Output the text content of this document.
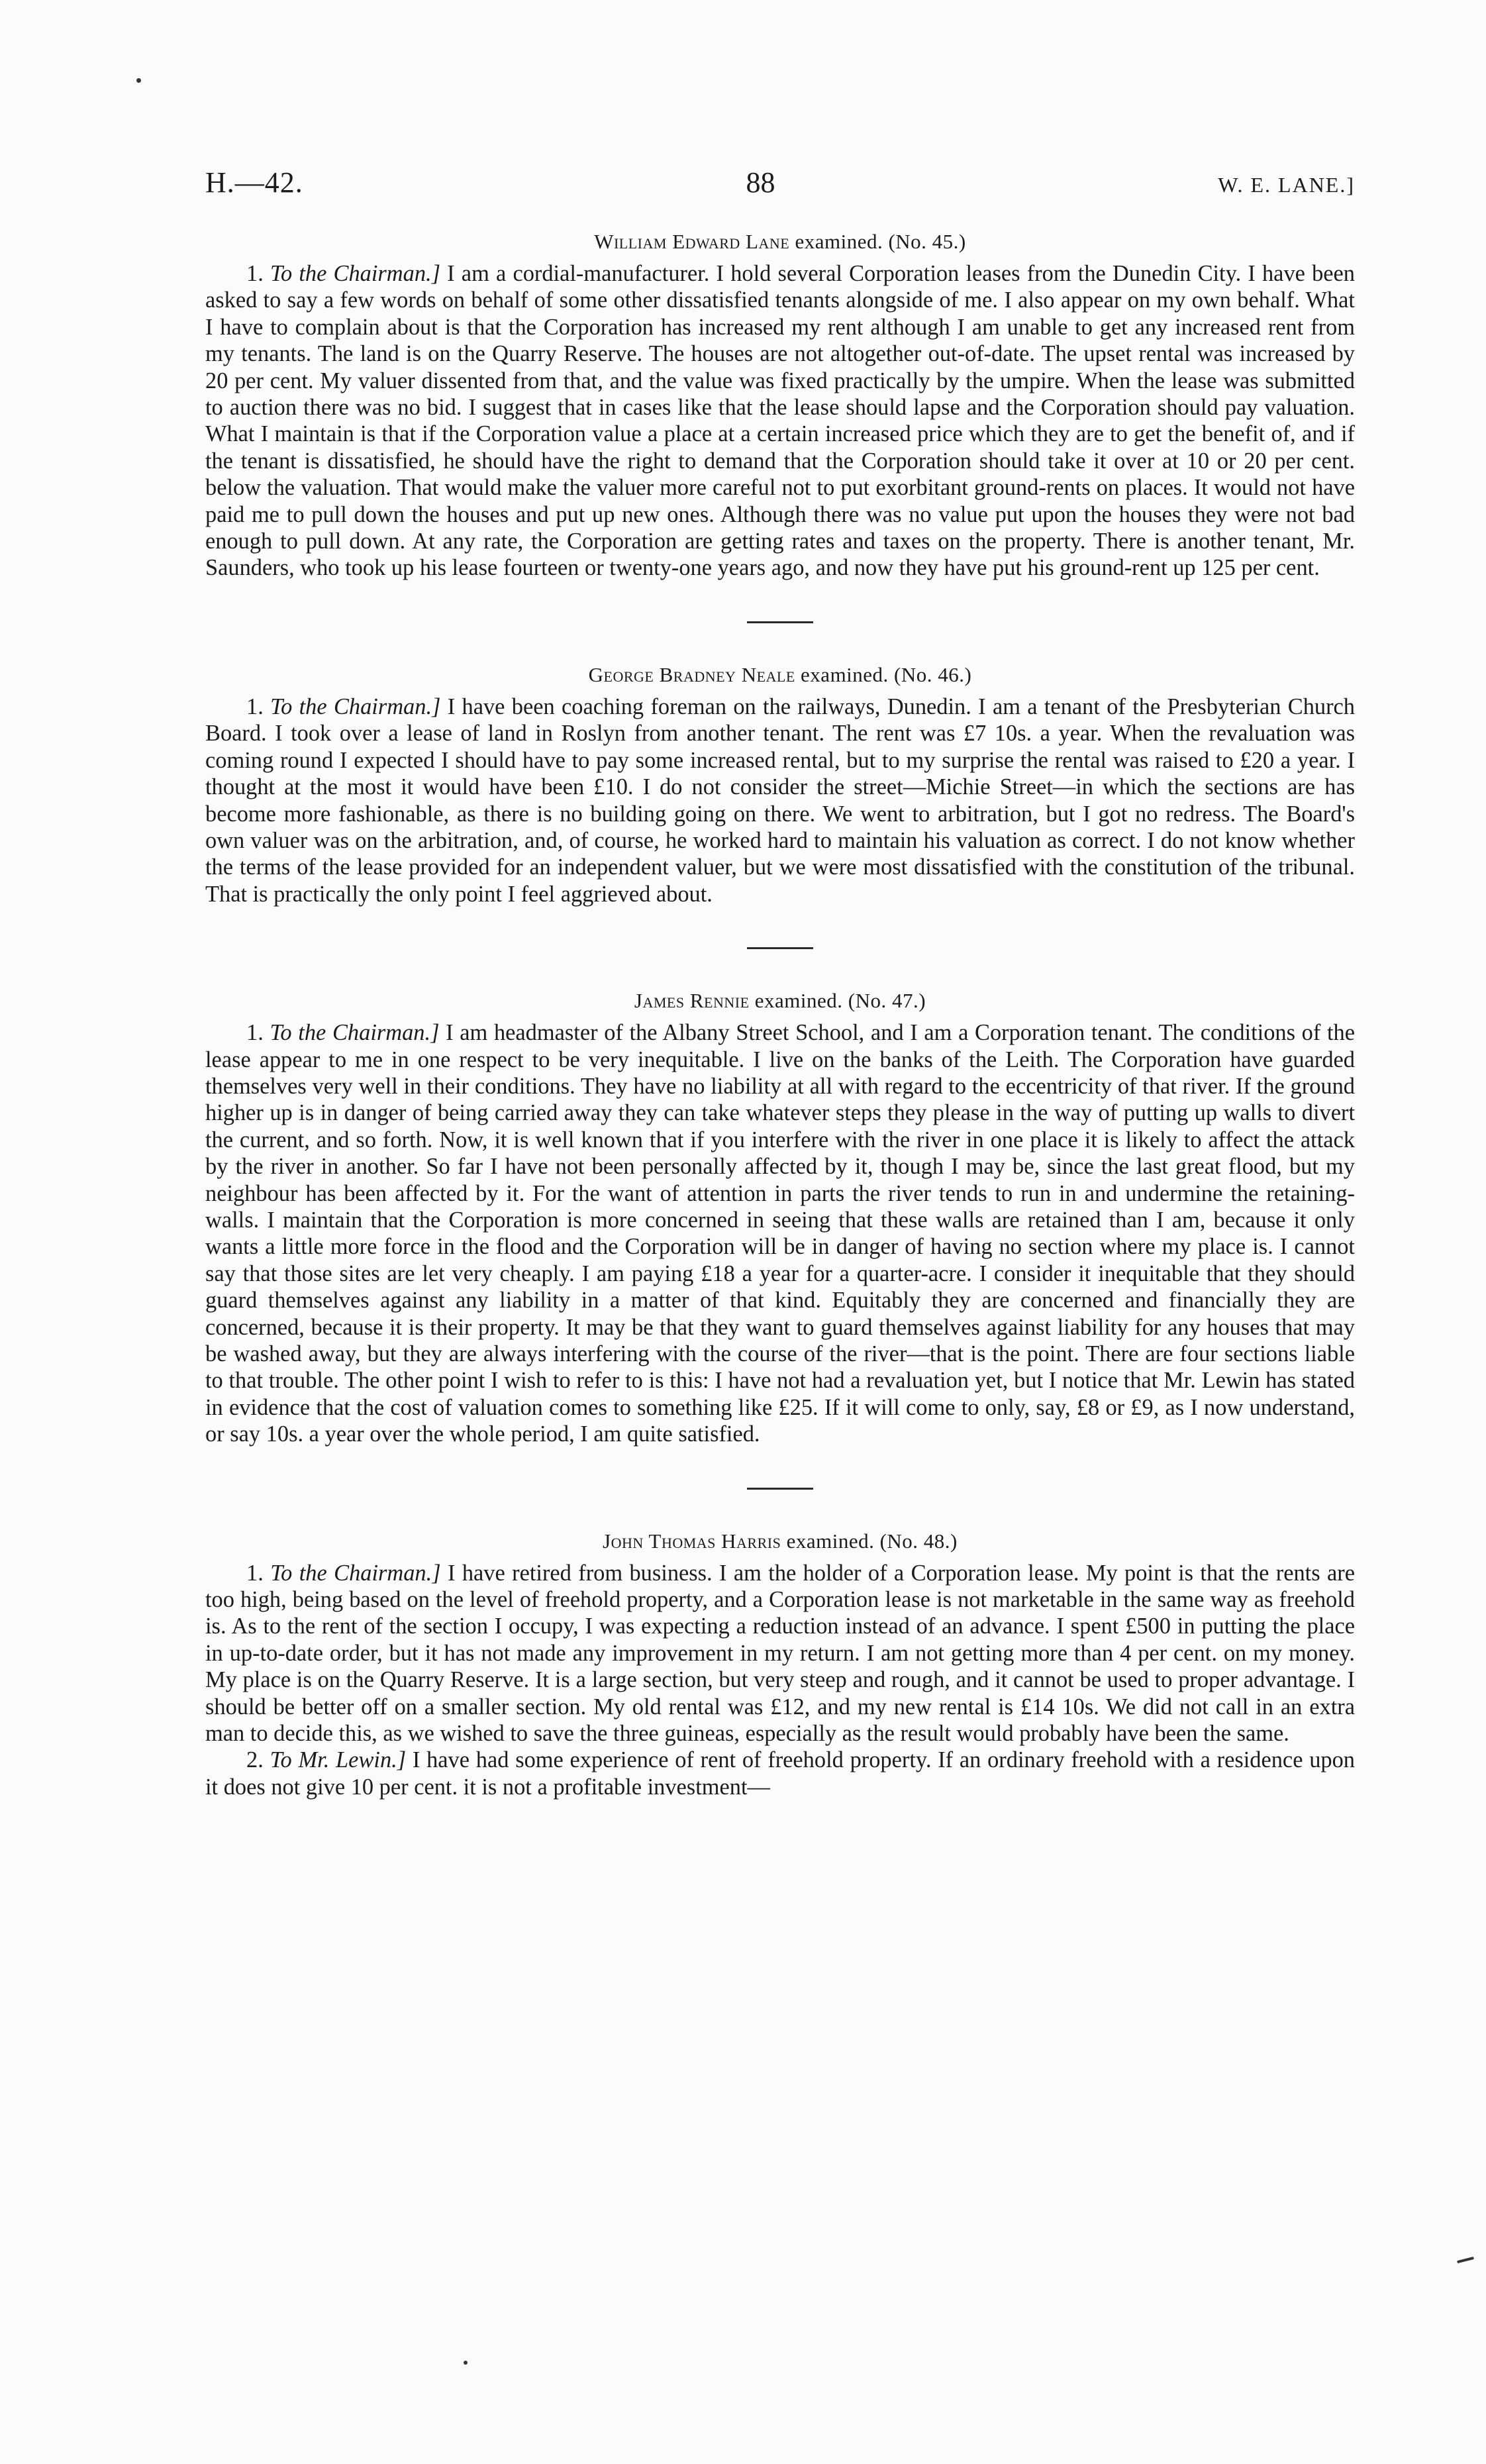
H.—42.	88	W. E. LANE.]
William Edward Lane examined. (No. 45.)

1. To the Chairman.] I am a cordial-manufacturer. I hold several Corporation leases from the Dunedin City. I have been asked to say a few words on behalf of some other dissatisfied tenants alongside of me. I also appear on my own behalf. What I have to complain about is that the Corporation has increased my rent although I am unable to get any increased rent from my tenants. The land is on the Quarry Reserve. The houses are not altogether out-of-date. The upset rental was increased by 20 per cent. My valuer dissented from that, and the value was fixed practically by the umpire. When the lease was submitted to auction there was no bid. I suggest that in cases like that the lease should lapse and the Corporation should pay valuation. What I maintain is that if the Corporation value a place at a certain increased price which they are to get the benefit of, and if the tenant is dissatisfied, he should have the right to demand that the Corporation should take it over at 10 or 20 per cent. below the valuation. That would make the valuer more careful not to put exorbitant ground-rents on places. It would not have paid me to pull down the houses and put up new ones. Although there was no value put upon the houses they were not bad enough to pull down. At any rate, the Corporation are getting rates and taxes on the property. There is another tenant, Mr. Saunders, who took up his lease fourteen or twenty-one years ago, and now they have put his ground-rent up 125 per cent.

George Bradney Neale examined. (No. 46.)

1. To the Chairman.] I have been coaching foreman on the railways, Dunedin. I am a tenant of the Presbyterian Church Board. I took over a lease of land in Roslyn from another tenant. The rent was £7 10s. a year. When the revaluation was coming round I expected I should have to pay some increased rental, but to my surprise the rental was raised to £20 a year. I thought at the most it would have been £10. I do not consider the street—Michie Street—in which the sections are has become more fashionable, as there is no building going on there. We went to arbitration, but I got no redress. The Board's own valuer was on the arbitration, and, of course, he worked hard to maintain his valuation as correct. I do not know whether the terms of the lease provided for an independent valuer, but we were most dissatisfied with the constitution of the tribunal. That is practically the only point I feel aggrieved about.

James Rennie examined. (No. 47.)

1. To the Chairman.] I am headmaster of the Albany Street School, and I am a Corporation tenant. The conditions of the lease appear to me in one respect to be very inequitable. I live on the banks of the Leith. The Corporation have guarded themselves very well in their conditions. They have no liability at all with regard to the eccentricity of that river. If the ground higher up is in danger of being carried away they can take whatever steps they please in the way of putting up walls to divert the current, and so forth. Now, it is well known that if you interfere with the river in one place it is likely to affect the attack by the river in another. So far I have not been personally affected by it, though I may be, since the last great flood, but my neighbour has been affected by it. For the want of attention in parts the river tends to run in and undermine the retaining-walls. I maintain that the Corporation is more concerned in seeing that these walls are retained than I am, because it only wants a little more force in the flood and the Corporation will be in danger of having no section where my place is. I cannot say that those sites are let very cheaply. I am paying £18 a year for a quarter-acre. I consider it inequitable that they should guard themselves against any liability in a matter of that kind. Equitably they are concerned and financially they are concerned, because it is their property. It may be that they want to guard themselves against liability for any houses that may be washed away, but they are always interfering with the course of the river—that is the point. There are four sections liable to that trouble. The other point I wish to refer to is this: I have not had a revaluation yet, but I notice that Mr. Lewin has stated in evidence that the cost of valuation comes to something like £25. If it will come to only, say, £8 or £9, as I now understand, or say 10s. a year over the whole period, I am quite satisfied.

John Thomas Harris examined. (No. 48.)

1. To the Chairman.] I have retired from business. I am the holder of a Corporation lease. My point is that the rents are too high, being based on the level of freehold property, and a Corporation lease is not marketable in the same way as freehold is. As to the rent of the section I occupy, I was expecting a reduction instead of an advance. I spent £500 in putting the place in up-to-date order, but it has not made any improvement in my return. I am not getting more than 4 per cent. on my money. My place is on the Quarry Reserve. It is a large section, but very steep and rough, and it cannot be used to proper advantage. I should be better off on a smaller section. My old rental was £12, and my new rental is £14 10s. We did not call in an extra man to decide this, as we wished to save the three guineas, especially as the result would probably have been the same.

2. To Mr. Lewin.] I have had some experience of rent of freehold property. If an ordinary freehold with a residence upon it does not give 10 per cent. it is not a profitable investment—
